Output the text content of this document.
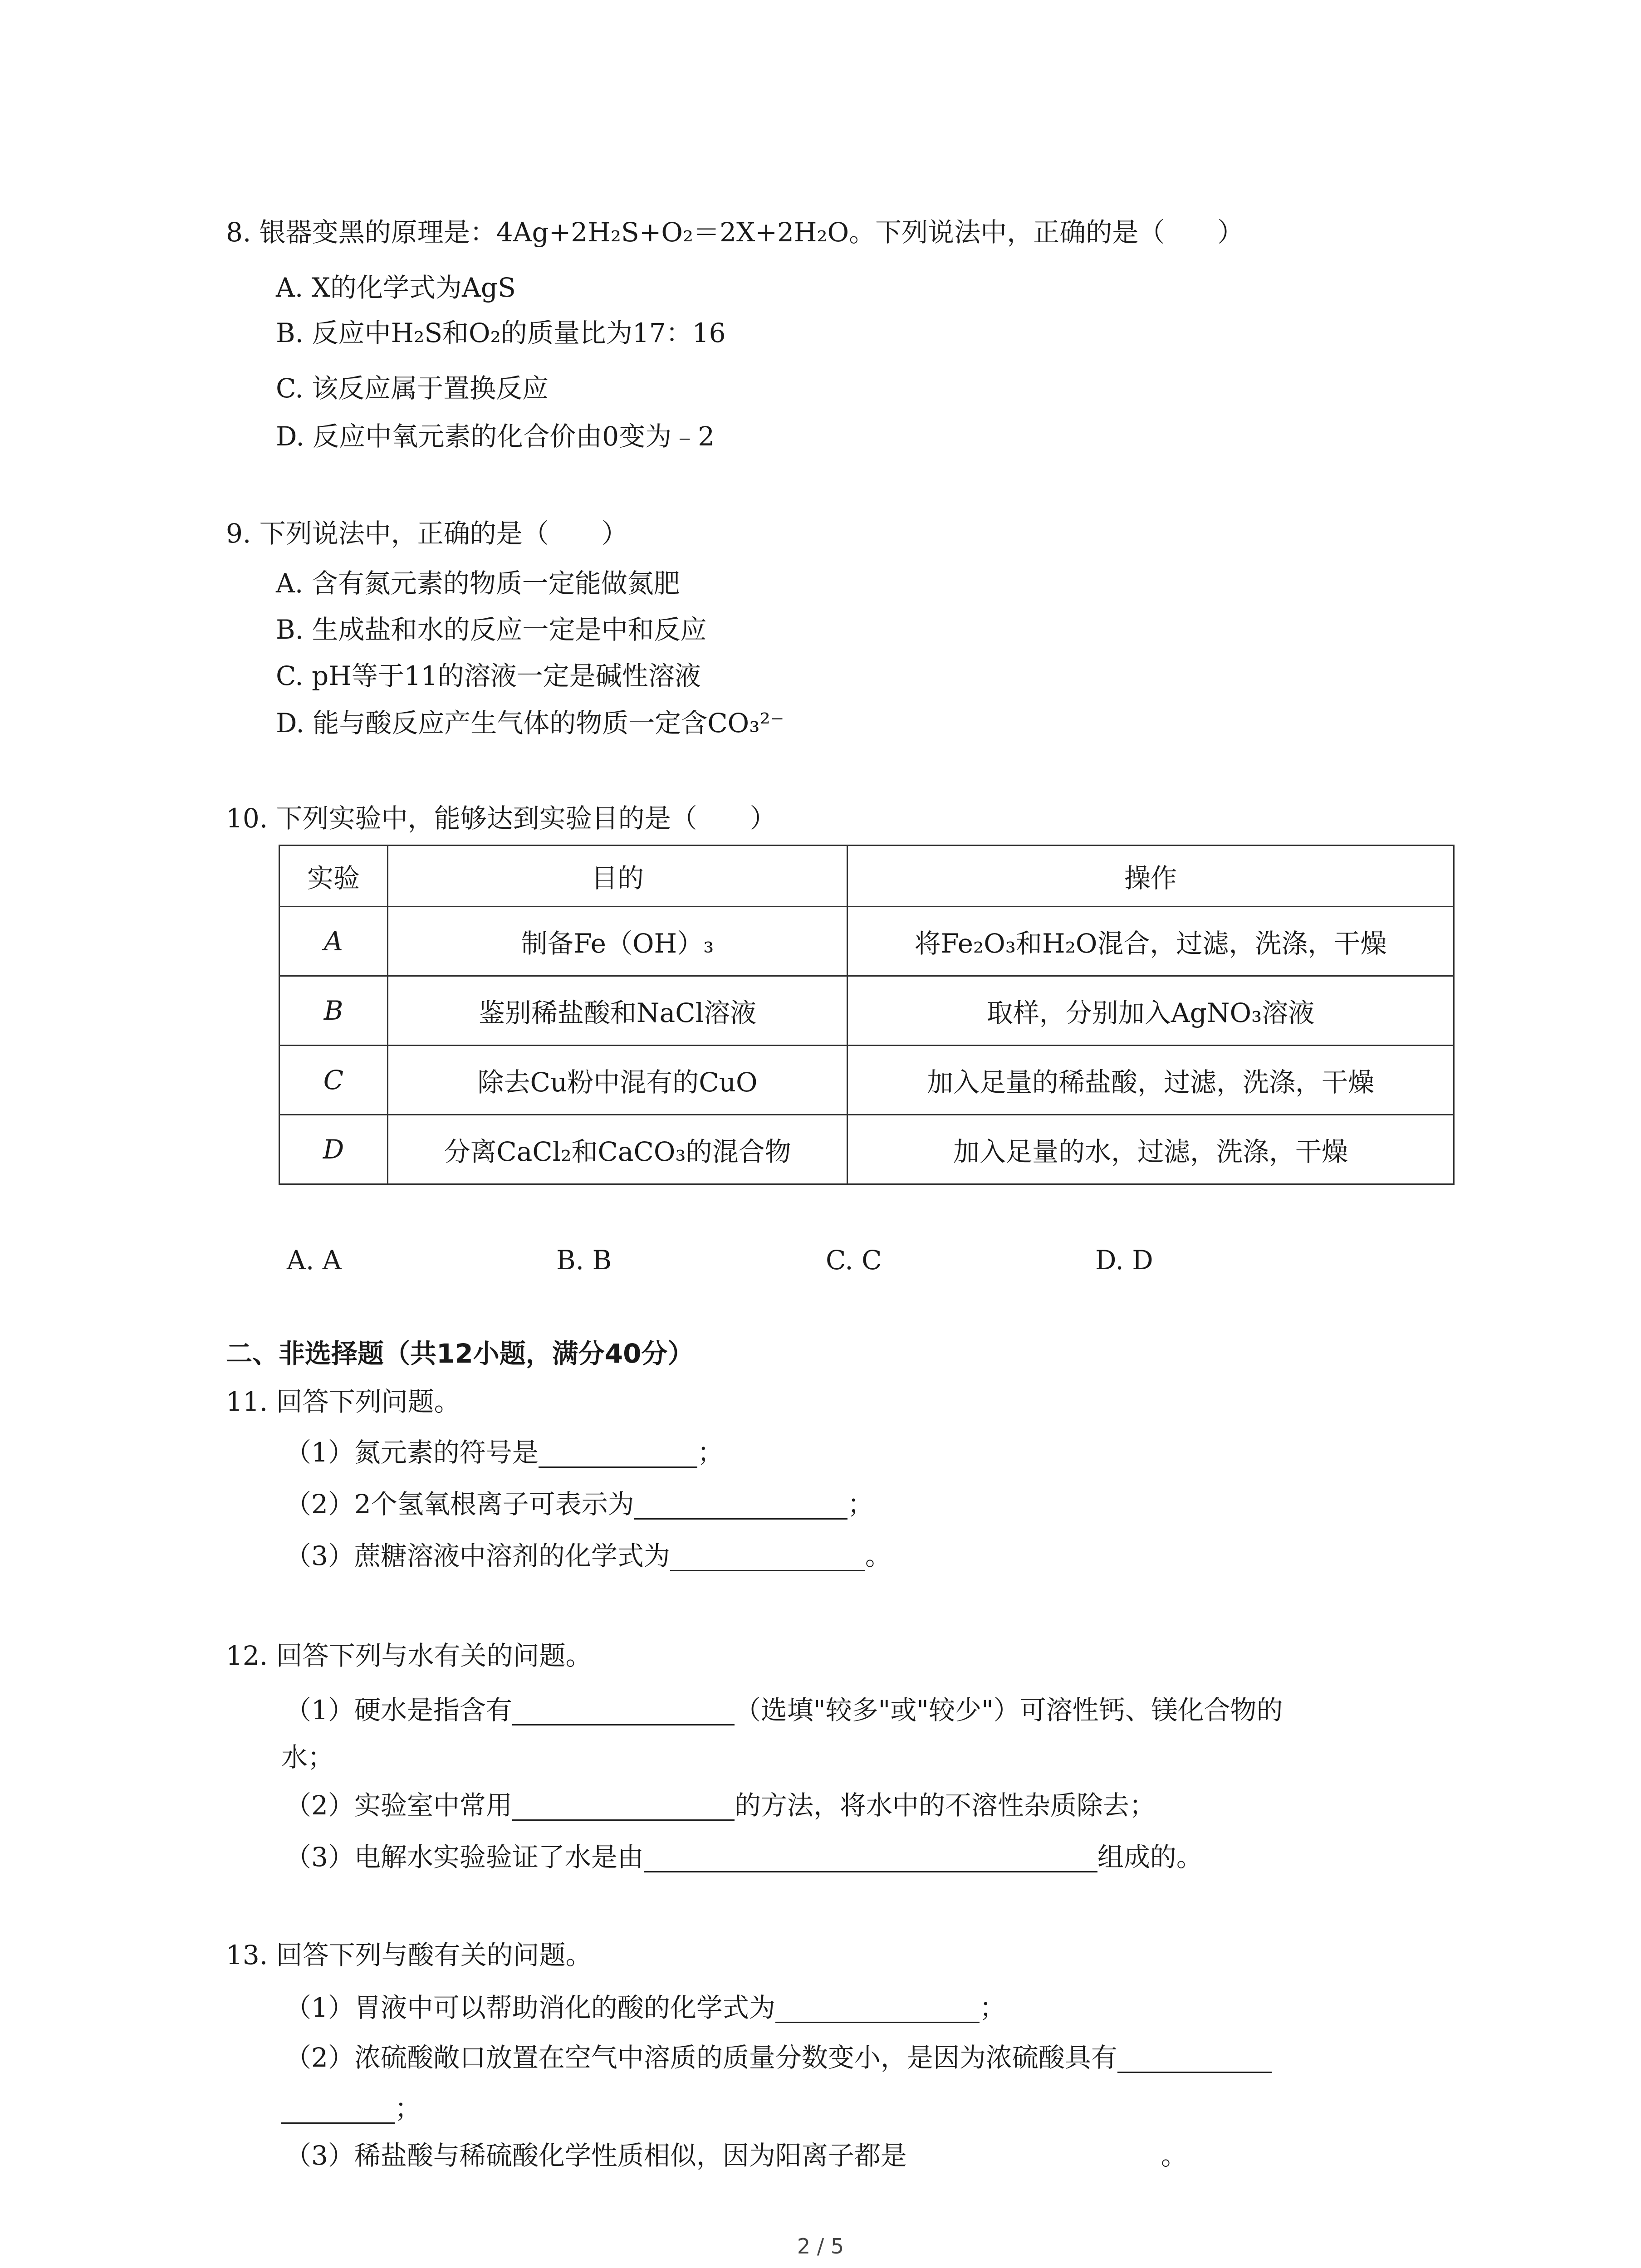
8. 银器变黑的原理是：4Ag+2H₂S+O₂＝2X+2H₂O。下列说法中，正确的是（　　）
A. X的化学式为AgS
B. 反应中H₂S和O₂的质量比为17：16
C. 该反应属于置换反应
D. 反应中氧元素的化合价由0变为﹣2
9. 下列说法中，正确的是（　　）
A. 含有氮元素的物质一定能做氮肥
B. 生成盐和水的反应一定是中和反应
C. pH等于11的溶液一定是碱性溶液
D. 能与酸反应产生气体的物质一定含CO₃²⁻
10. 下列实验中，能够达到实验目的是（　　）
实验	目的	操作
A	制备Fe（OH）₃	将Fe₂O₃和H₂O混合，过滤，洗涤，干燥
B	鉴别稀盐酸和NaCl溶液	取样，分别加入AgNO₃溶液
C	除去Cu粉中混有的CuO	加入足量的稀盐酸，过滤，洗涤，干燥
D	分离CaCl₂和CaCO₃的混合物	加入足量的水，过滤，洗涤，干燥
A. A	B. B	C. C	D. D
二、非选择题（共12小题，满分40分）
11. 回答下列问题。
（1）氮元素的符号是	；
（2）2个氢氧根离子可表示为	；
（3）蔗糖溶液中溶剂的化学式为	。
12. 回答下列与水有关的问题。
（1）硬水是指含有	（选填"较多"或"较少"）可溶性钙、镁化合物的
水；
（2）实验室中常用	的方法，将水中的不溶性杂质除去；
（3）电解水实验验证了水是由	组成的。
13. 回答下列与酸有关的问题。
（1）胃液中可以帮助消化的酸的化学式为	；
（2）浓硫酸敞口放置在空气中溶质的质量分数变小，是因为浓硫酸具有
；
（3）稀盐酸与稀硫酸化学性质相似，因为阳离子都是	。
2 / 5
